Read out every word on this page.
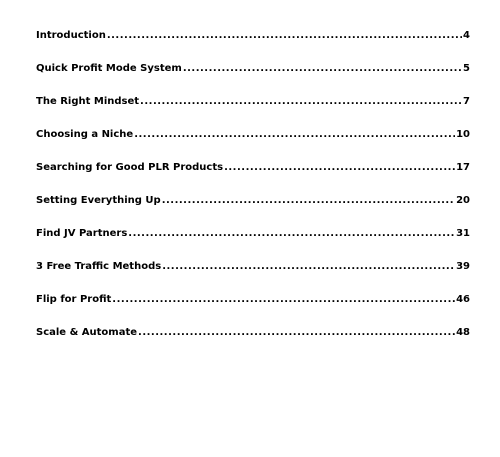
Introduction .....	4
Quick Profit Mode System .....	5
The Right Mindset .....	7
Choosing a Niche .....	10
Searching for Good PLR Products .....	17
Setting Everything Up .....	20
Find JV Partners .....	31
3 Free Traffic Methods .....	39
Flip for Profit .....	46
Scale & Automate .....	48
